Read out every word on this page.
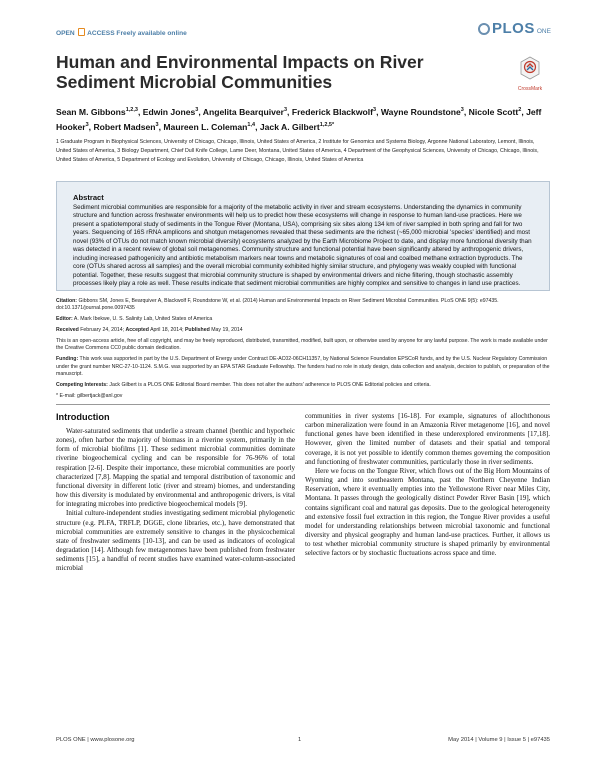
OPEN ACCESS Freely available online	PLOS ONE
Human and Environmental Impacts on River Sediment Microbial Communities	CrossMark

Sean M. Gibbons$^{1,2,3}$, Edwin Jones$^3$, Angelita Bearquiver$^3$, Frederick Blackwolf$^3$, Wayne Roundstone$^3$, Nicole Scott$^2$, Jeff Hooker$^3$, Robert Madsen$^3$, Maureen L. Coleman$^{1,4}$, Jack A. Gilbert$^{1,2,5*}$

1 Graduate Program in Biophysical Sciences, University of Chicago, Chicago, Illinois, United States of America, 2 Institute for Genomics and Systems Biology, Argonne National Laboratory, Lemont, Illinois, United States of America, 3 Biology Department, Chief Dull Knife College, Lame Deer, Montana, United States of America, 4 Department of the Geophysical Sciences, University of Chicago, Chicago, Illinois, United States of America, 5 Department of Ecology and Evolution, University of Chicago, Chicago, Illinois, United States of America

Abstract

Sediment microbial communities are responsible for a majority of the metabolic activity in river and stream ecosystems. Understanding the dynamics in community structure and function across freshwater environments will help us to predict how these ecosystems will change in response to human land-use practices. Here we present a spatiotemporal study of sediments in the Tongue River (Montana, USA), comprising six sites along 134 km of river sampled in both spring and fall for two years. Sequencing of 16S rRNA amplicons and shotgun metagenomes revealed that these sediments are the richest (~65,000 microbial 'species' identified) and most novel (93% of OTUs do not match known microbial diversity) ecosystems analyzed by the Earth Microbiome Project to date, and display more functional diversity than was detected in a recent review of global soil metagenomes. Community structure and functional potential have been significantly altered by anthropogenic drivers, including increased pathogenicity and antibiotic metabolism markers near towns and metabolic signatures of coal and coalbed methane extraction byproducts. The core (OTUs shared across all samples) and the overall microbial community exhibited highly similar structure, and phylogeny was weakly coupled with functional potential. Together, these results suggest that microbial community structure is shaped by environmental drivers and niche filtering, though stochastic assembly processes likely play a role as well. These results indicate that sediment microbial communities are highly complex and sensitive to changes in land use practices.

Citation: Gibbons SM, Jones E, Bearquiver A, Blackwolf F, Roundstone W, et al. (2014) Human and Environmental Impacts on River Sediment Microbial Communities. PLoS ONE 9(5): e97435. doi:10.1371/journal.pone.0097435
Editor: A. Mark Ibekwe, U. S. Salinity Lab, United States of America
Received February 24, 2014; Accepted April 18, 2014; Published May 19, 2014
This is an open-access article, free of all copyright, and may be freely reproduced, distributed, transmitted, modified, built upon, or otherwise used by anyone for any lawful purpose. The work is made available under the Creative Commons CC0 public domain dedication.
Funding: This work was supported in part by the U.S. Department of Energy under Contract DE-AC02-06CH11357, by National Science Foundation EPSCoR funds, and by the U.S. Nuclear Regulatory Commission under the grant number NRC-27-10-1124. S.M.G. was supported by an EPA STAR Graduate Fellowship. The funders had no role in study design, data collection and analysis, decision to publish, or preparation of the manuscript.
Competing Interests: Jack Gilbert is a PLOS ONE Editorial Board member. This does not alter the authors' adherence to PLOS ONE Editorial policies and criteria.
* E-mail: gilbertjack@anl.gov
Introduction

Water-saturated sediments that underlie a stream channel (benthic and hyporheic zones), often harbor the majority of biomass in a riverine system, primarily in the form of microbial biofilms [1]. These sediment microbial communities dominate riverine biogeochemical cycling and can be responsible for 76-96% of total respiration [2-6]. Despite their importance, these microbial communities are poorly characterized [7,8]. Mapping the spatial and temporal distribution of taxonomic and functional diversity in different lotic (river and stream) biomes, and understanding how this diversity is modulated by environmental and anthropogenic drivers, is vital for integrating microbes into predictive biogeochemical models [9].

Initial culture-independent studies investigating sediment microbial phylogenetic structure (e.g. PLFA, TRFLP, DGGE, clone libraries, etc.), have demonstrated that microbial communities are extremely sensitive to changes in the physicochemical state of freshwater sediments [10-13], and can be used as indicators of ecological degradation [14]. Although few metagenomes have been published from freshwater sediments [15], a handful of recent studies have examined water-column-associated microbial

communities in river systems [16-18]. For example, signatures of allochthonous carbon mineralization were found in an Amazonia River metagenome [16], and novel functional genes have been identified in these underexplored environments [17,18]. However, given the limited number of datasets and their spatial and temporal coverage, it is not yet possible to identify common themes governing the composition and functioning of freshwater communities, particularly those in river sediments.

Here we focus on the Tongue River, which flows out of the Big Horn Mountains of Wyoming and into southeastern Montana, past the Northern Cheyenne Indian Reservation, where it eventually empties into the Yellowstone River near Miles City, Montana. It passes through the geologically distinct Powder River Basin [19], which contains significant coal and natural gas deposits. Due to the geological heterogeneity and extensive fossil fuel extraction in this region, the Tongue River provides a useful model for understanding relationships between microbial taxonomic and functional diversity and physical geography and human land-use practices. Further, it allows us to test whether microbial community structure is shaped primarily by environmental selective factors or by stochastic fluctuations across space and time.

PLOS ONE | www.plosone.org	1	May 2014 | Volume 9 | Issue 5 | e97435
